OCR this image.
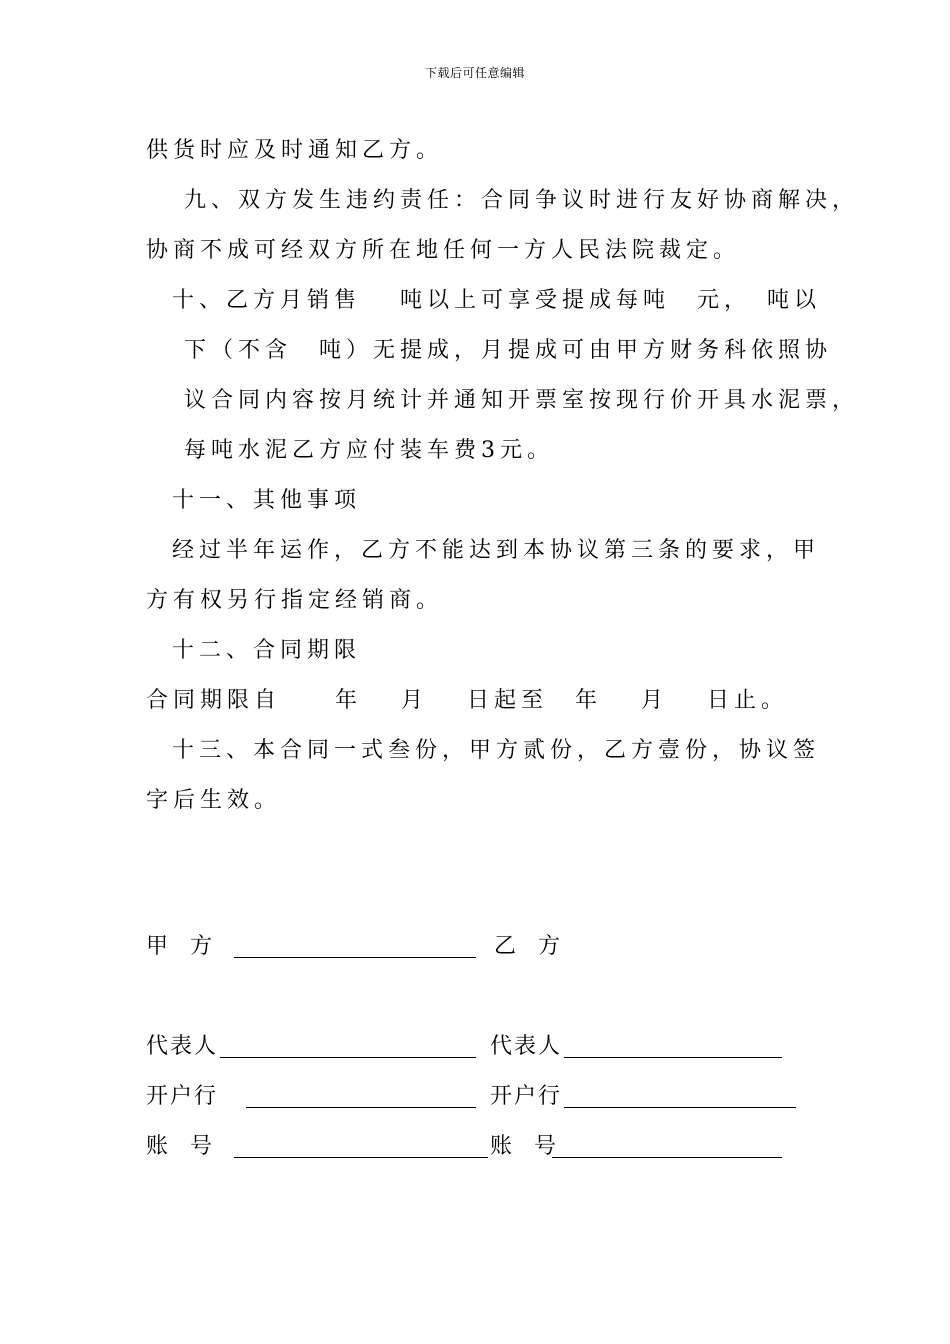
下载后可任意编辑
供货时应及时通知乙方。
九、双方发生违约责任：合同争议时进行友好协商解决，
协商不成可经双方所在地任何一方人民法院裁定。
十、乙方月销售　 吨以上可享受提成每吨　元，　吨以
下（不含　吨）无提成，月提成可由甲方财务科依照协
议合同内容按月统计并通知开票室按现行价开具水泥票，
每吨水泥乙方应付装车费3元。
十一、其他事项
经过半年运作，乙方不能达到本协议第三条的要求，甲
方有权另行指定经销商。
十二、合同期限
合同期限自　　年　 月　 日起至　年　 月　 日止。
十三、本合同一式叁份，甲方贰份，乙方壹份，协议签
字后生效。
甲　方	乙　方
代表人	代表人
开户行	开户行
账　号	账　号
